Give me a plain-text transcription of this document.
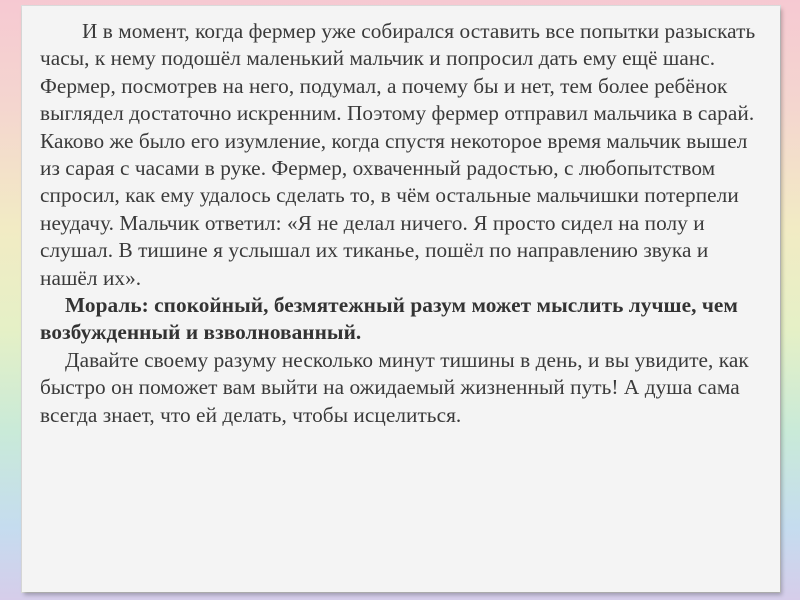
И в момент, когда фермер уже собирался оставить все попытки разыскать часы, к нему подошёл маленький мальчик и попросил дать ему ещё шанс. Фермер, посмотрев на него, подумал, а почему бы и нет, тем более ребёнок выглядел достаточно искренним. Поэтому фермер отправил мальчика в сарай. Каково же было его изумление, когда спустя некоторое время мальчик вышел из сарая с часами в руке. Фермер, охваченный радостью, с любопытством спросил, как ему удалось сделать то, в чём остальные мальчишки потерпели неудачу. Мальчик ответил: «Я не делал ничего. Я просто сидел на полу и слушал. В тишине я услышал их тиканье, пошёл по направлению звука и нашёл их».

Мораль: спокойный, безмятежный разум может мыслить лучше, чем возбужденный и взволнованный.

Давайте своему разуму несколько минут тишины в день, и вы увидите, как быстро он поможет вам выйти на ожидаемый жизненный путь! А душа сама всегда знает, что ей делать, чтобы исцелиться.
